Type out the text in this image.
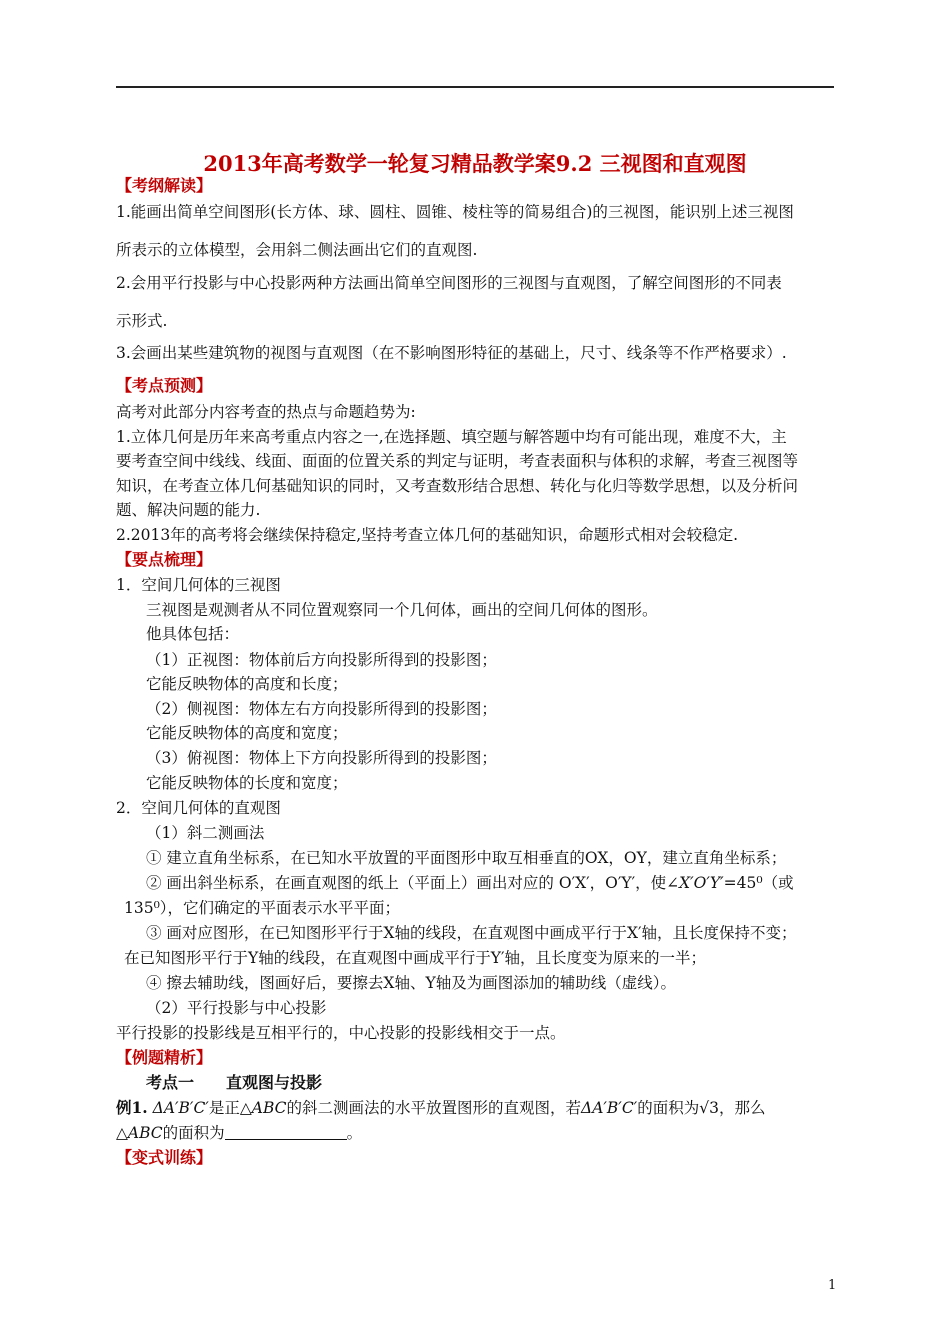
2013年高考数学一轮复习精品教学案9.2 三视图和直观图
【考纲解读】
1.能画出简单空间图形(长方体、球、圆柱、圆锥、棱柱等的简易组合)的三视图，能识别上述三视图
所表示的立体模型，会用斜二侧法画出它们的直观图.
2.会用平行投影与中心投影两种方法画出简单空间图形的三视图与直观图，了解空间图形的不同表
示形式.
3.会画出某些建筑物的视图与直观图（在不影响图形特征的基础上，尺寸、线条等不作严格要求）.
【考点预测】
高考对此部分内容考查的热点与命题趋势为:
1.立体几何是历年来高考重点内容之一,在选择题、填空题与解答题中均有可能出现，难度不大，主
要考查空间中线线、线面、面面的位置关系的判定与证明，考查表面积与体积的求解，考查三视图等
知识，在考查立体几何基础知识的同时，又考查数形结合思想、转化与化归等数学思想，以及分析问
题、解决问题的能力.
2.2013年的高考将会继续保持稳定,坚持考查立体几何的基础知识，命题形式相对会较稳定.
【要点梳理】
1．空间几何体的三视图
三视图是观测者从不同位置观察同一个几何体，画出的空间几何体的图形。
他具体包括：
（1）正视图：物体前后方向投影所得到的投影图；
它能反映物体的高度和长度；
（2）侧视图：物体左右方向投影所得到的投影图；
它能反映物体的高度和宽度；
（3）俯视图：物体上下方向投影所得到的投影图；
它能反映物体的长度和宽度；
2．空间几何体的直观图
（1）斜二测画法
① 建立直角坐标系，在已知水平放置的平面图形中取互相垂直的OX，OY，建立直角坐标系；
② 画出斜坐标系，在画直观图的纸上（平面上）画出对应的 O′X′，O′Y′，使∠X′O′Y′=45⁰（或
135⁰），它们确定的平面表示水平平面；
③ 画对应图形，在已知图形平行于X轴的线段，在直观图中画成平行于X′轴，且长度保持不变；
在已知图形平行于Y轴的线段，在直观图中画成平行于Y′轴，且长度变为原来的一半；
④ 擦去辅助线，图画好后，要擦去X轴、Y轴及为画图添加的辅助线（虚线）。
（2）平行投影与中心投影
平行投影的投影线是互相平行的，中心投影的投影线相交于一点。
【例题精析】
考点一　　直观图与投影
例1. ΔA′B′C′是正△ABC的斜二测画法的水平放置图形的直观图，若ΔA′B′C′的面积为√3，那么
△ABC的面积为	。
【变式训练】
1
